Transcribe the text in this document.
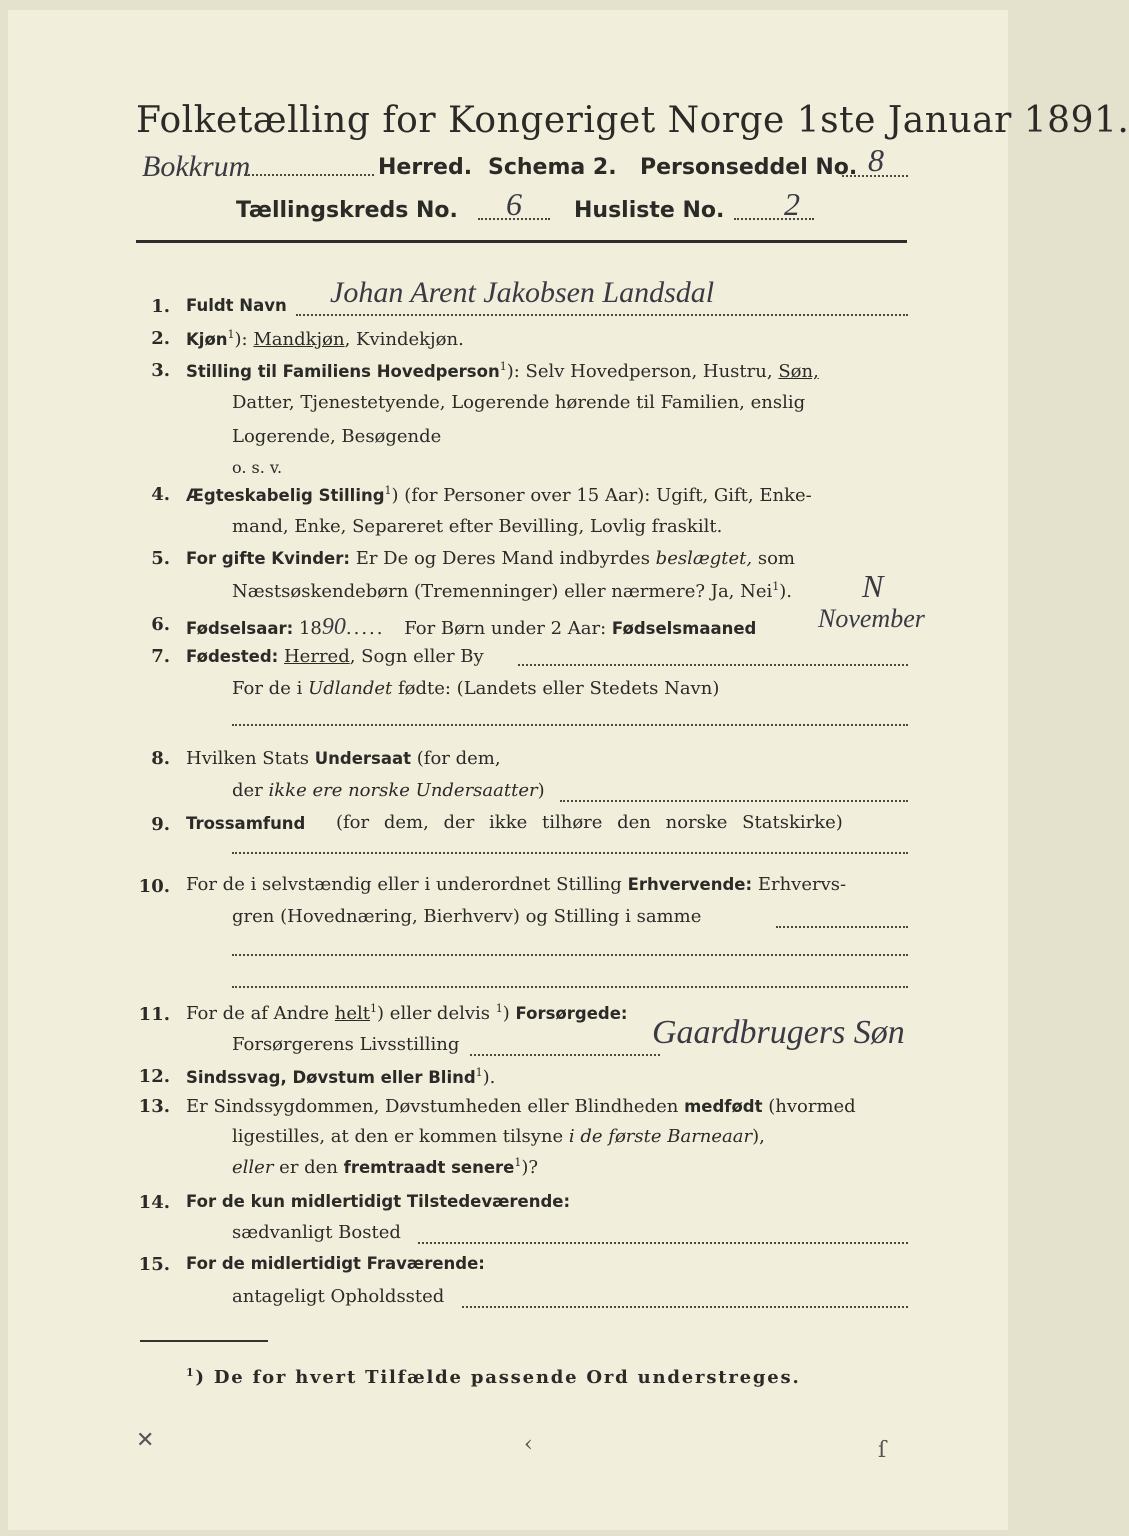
Folketælling for Kongeriget Norge 1ste Januar 1891.
Bokkrum	Herred. Schema 2. Personseddel No. 8
Tællingskreds No. 6 Husliste No. 2
1. Fuldt Navn Johan Arent Jakobsen Landsdal
2. Kjøn$^1$): Mandkjøn, Kvindekjøn.
3. Stilling til Familiens Hovedperson$^1$): Selv Hovedperson, Hustru, Søn,
Datter, Tjenestetyende, Logerende hørende til Familien, enslig
Logerende, Besøgende
o. s. v.
4. Ægteskabelig Stilling$^1$) (for Personer over 15 Aar): Ugift, Gift, Enke-
mand, Enke, Separeret efter Bevilling, Lovlig fraskilt.
5. For gifte Kvinder: Er De og Deres Mand indbyrdes beslægtet, som
Næstsøskendebørn (Tremenninger) eller nærmere? Ja, Nei$^1$). N
6. Fødselsaar: 1890..... For Børn under 2 Aar: Fødselsmaaned November
7. Fødested: Herred, Sogn eller By
For de i Udlandet fødte: (Landets eller Stedets Navn)
8. Hvilken Stats Undersaat (for dem,
der ikke ere norske Undersaatter)
9. Trossamfund (for dem, der ikke tilhøre den norske Statskirke)
10. For de i selvstændig eller i underordnet Stilling Erhvervende: Erhvervs-
gren (Hovednæring, Bierhverv) og Stilling i samme
11. For de af Andre helt$^1$) eller delvis $^1$) Forsørgede:
Forsørgerens Livsstilling	Gaardbrugers Søn
12. Sindssvag, Døvstum eller Blind$^1$).
13. Er Sindssygdommen, Døvstumheden eller Blindheden medfødt (hvormed
ligestilles, at den er kommen tilsyne i de første Barneaar),
eller er den fremtraadt senere$^1$)?
14. For de kun midlertidigt Tilstedeværende:
sædvanligt Bosted
15. For de midlertidigt Fraværende:
antageligt Opholdssted
$^1$) De for hvert Tilfælde passende Ord understreges.
✕	‹	ſ
